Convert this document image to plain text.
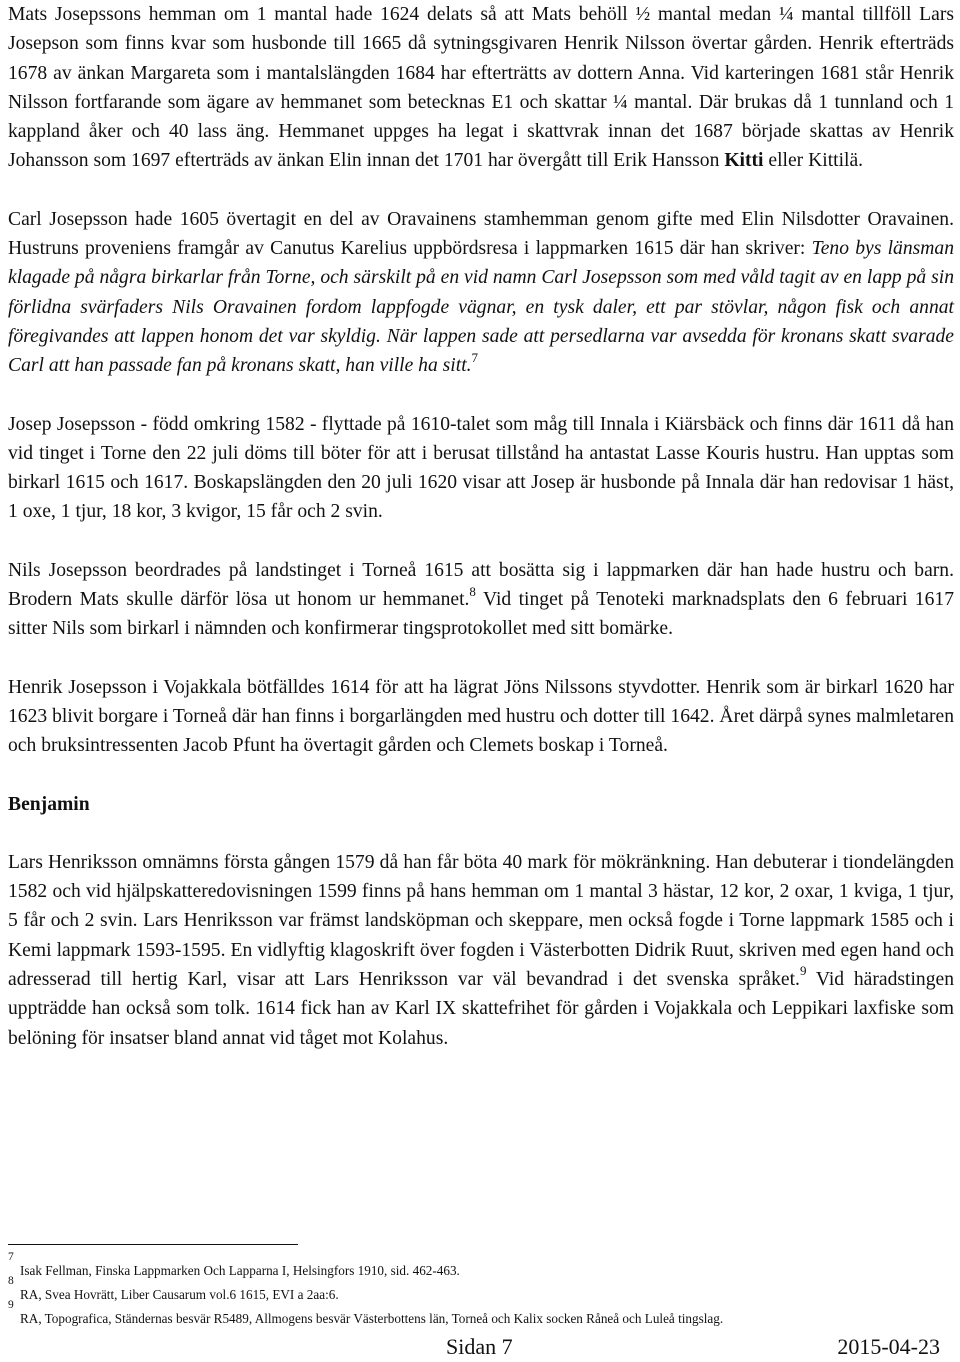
Mats Josepssons hemman om 1 mantal hade 1624 delats så att Mats behöll ½ mantal medan ¼ mantal tillföll Lars Josepson som finns kvar som husbonde till 1665 då sytningsgivaren Henrik Nilsson övertar gården. Henrik efterträds 1678 av änkan Margareta som i mantalslängden 1684 har efterträtts av dottern Anna. Vid karteringen 1681 står Henrik Nilsson fortfarande som ägare av hemmanet som betecknas E1 och skattar ¼ mantal. Där brukas då 1 tunnland och 1 kappland åker och 40 lass äng. Hemmanet uppges ha legat i skattvrak innan det 1687 började skattas av Henrik Johansson som 1697 efterträds av änkan Elin innan det 1701 har övergått till Erik Hansson Kitti eller Kittilä.

Carl Josepsson hade 1605 övertagit en del av Oravainens stamhemman genom gifte med Elin Nilsdotter Oravainen. Hustruns proveniens framgår av Canutus Karelius uppbördsresa i lappmarken 1615 där han skriver: Teno bys länsman klagade på några birkarlar från Torne, och särskilt på en vid namn Carl Josepsson som med våld tagit av en lapp på sin förlidna svärfaders Nils Oravainen fordom lappfogde vägnar, en tysk daler, ett par stövlar, någon fisk och annat föregivandes att lappen honom det var skyldig. När lappen sade att persedlarna var avsedda för kronans skatt svarade Carl att han passade fan på kronans skatt, han ville ha sitt.$^7$

Josep Josepsson - född omkring 1582 - flyttade på 1610-talet som måg till Innala i Kiärsbäck och finns där 1611 då han vid tinget i Torne den 22 juli döms till böter för att i berusat tillstånd ha antastat Lasse Kouris hustru. Han upptas som birkarl 1615 och 1617. Boskapslängden den 20 juli 1620 visar att Josep är husbonde på Innala där han redovisar 1 häst, 1 oxe, 1 tjur, 18 kor, 3 kvigor, 15 får och 2 svin.

Nils Josepsson beordrades på landstinget i Torneå 1615 att bosätta sig i lappmarken där han hade hustru och barn. Brodern Mats skulle därför lösa ut honom ur hemmanet.$^8$ Vid tinget på Tenoteki marknadsplats den 6 februari 1617 sitter Nils som birkarl i nämnden och konfirmerar tingsprotokollet med sitt bomärke.

Henrik Josepsson i Vojakkala bötfälldes 1614 för att ha lägrat Jöns Nilssons styvdotter. Henrik som är birkarl 1620 har 1623 blivit borgare i Torneå där han finns i borgarlängden med hustru och dotter till 1642. Året därpå synes malmletaren och bruksintressenten Jacob Pfunt ha övertagit gården och Clemets boskap i Torneå.

Benjamin

Lars Henriksson omnämns första gången 1579 då han får böta 40 mark för mökränkning. Han debuterar i tiondelängden 1582 och vid hjälpskatteredovisningen 1599 finns på hans hemman om 1 mantal 3 hästar, 12 kor, 2 oxar, 1 kviga, 1 tjur, 5 får och 2 svin. Lars Henriksson var främst landsköpman och skeppare, men också fogde i Torne lappmark 1585 och i Kemi lappmark 1593-1595. En vidlyftig klagoskrift över fogden i Västerbotten Didrik Ruut, skriven med egen hand och adresserad till hertig Karl, visar att Lars Henriksson var väl bevandrad i det svenska språket.$^9$ Vid häradstingen uppträdde han också som tolk. 1614 fick han av Karl IX skattefrihet för gården i Vojakkala och Leppikari laxfiske som belöning för insatser bland annat vid tåget mot Kolahus.

7
Isak Fellman, Finska Lappmarken Och Lapparna I, Helsingfors 1910, sid. 462-463.

8
RA, Svea Hovrätt, Liber Causarum vol.6 1615, EVI a 2aa:6.

9
RA, Topografica, Ständernas besvär R5489, Allmogens besvär Västerbottens län, Torneå och Kalix socken Råneå och Luleå tingslag.

Sidan 7	2015-04-23
